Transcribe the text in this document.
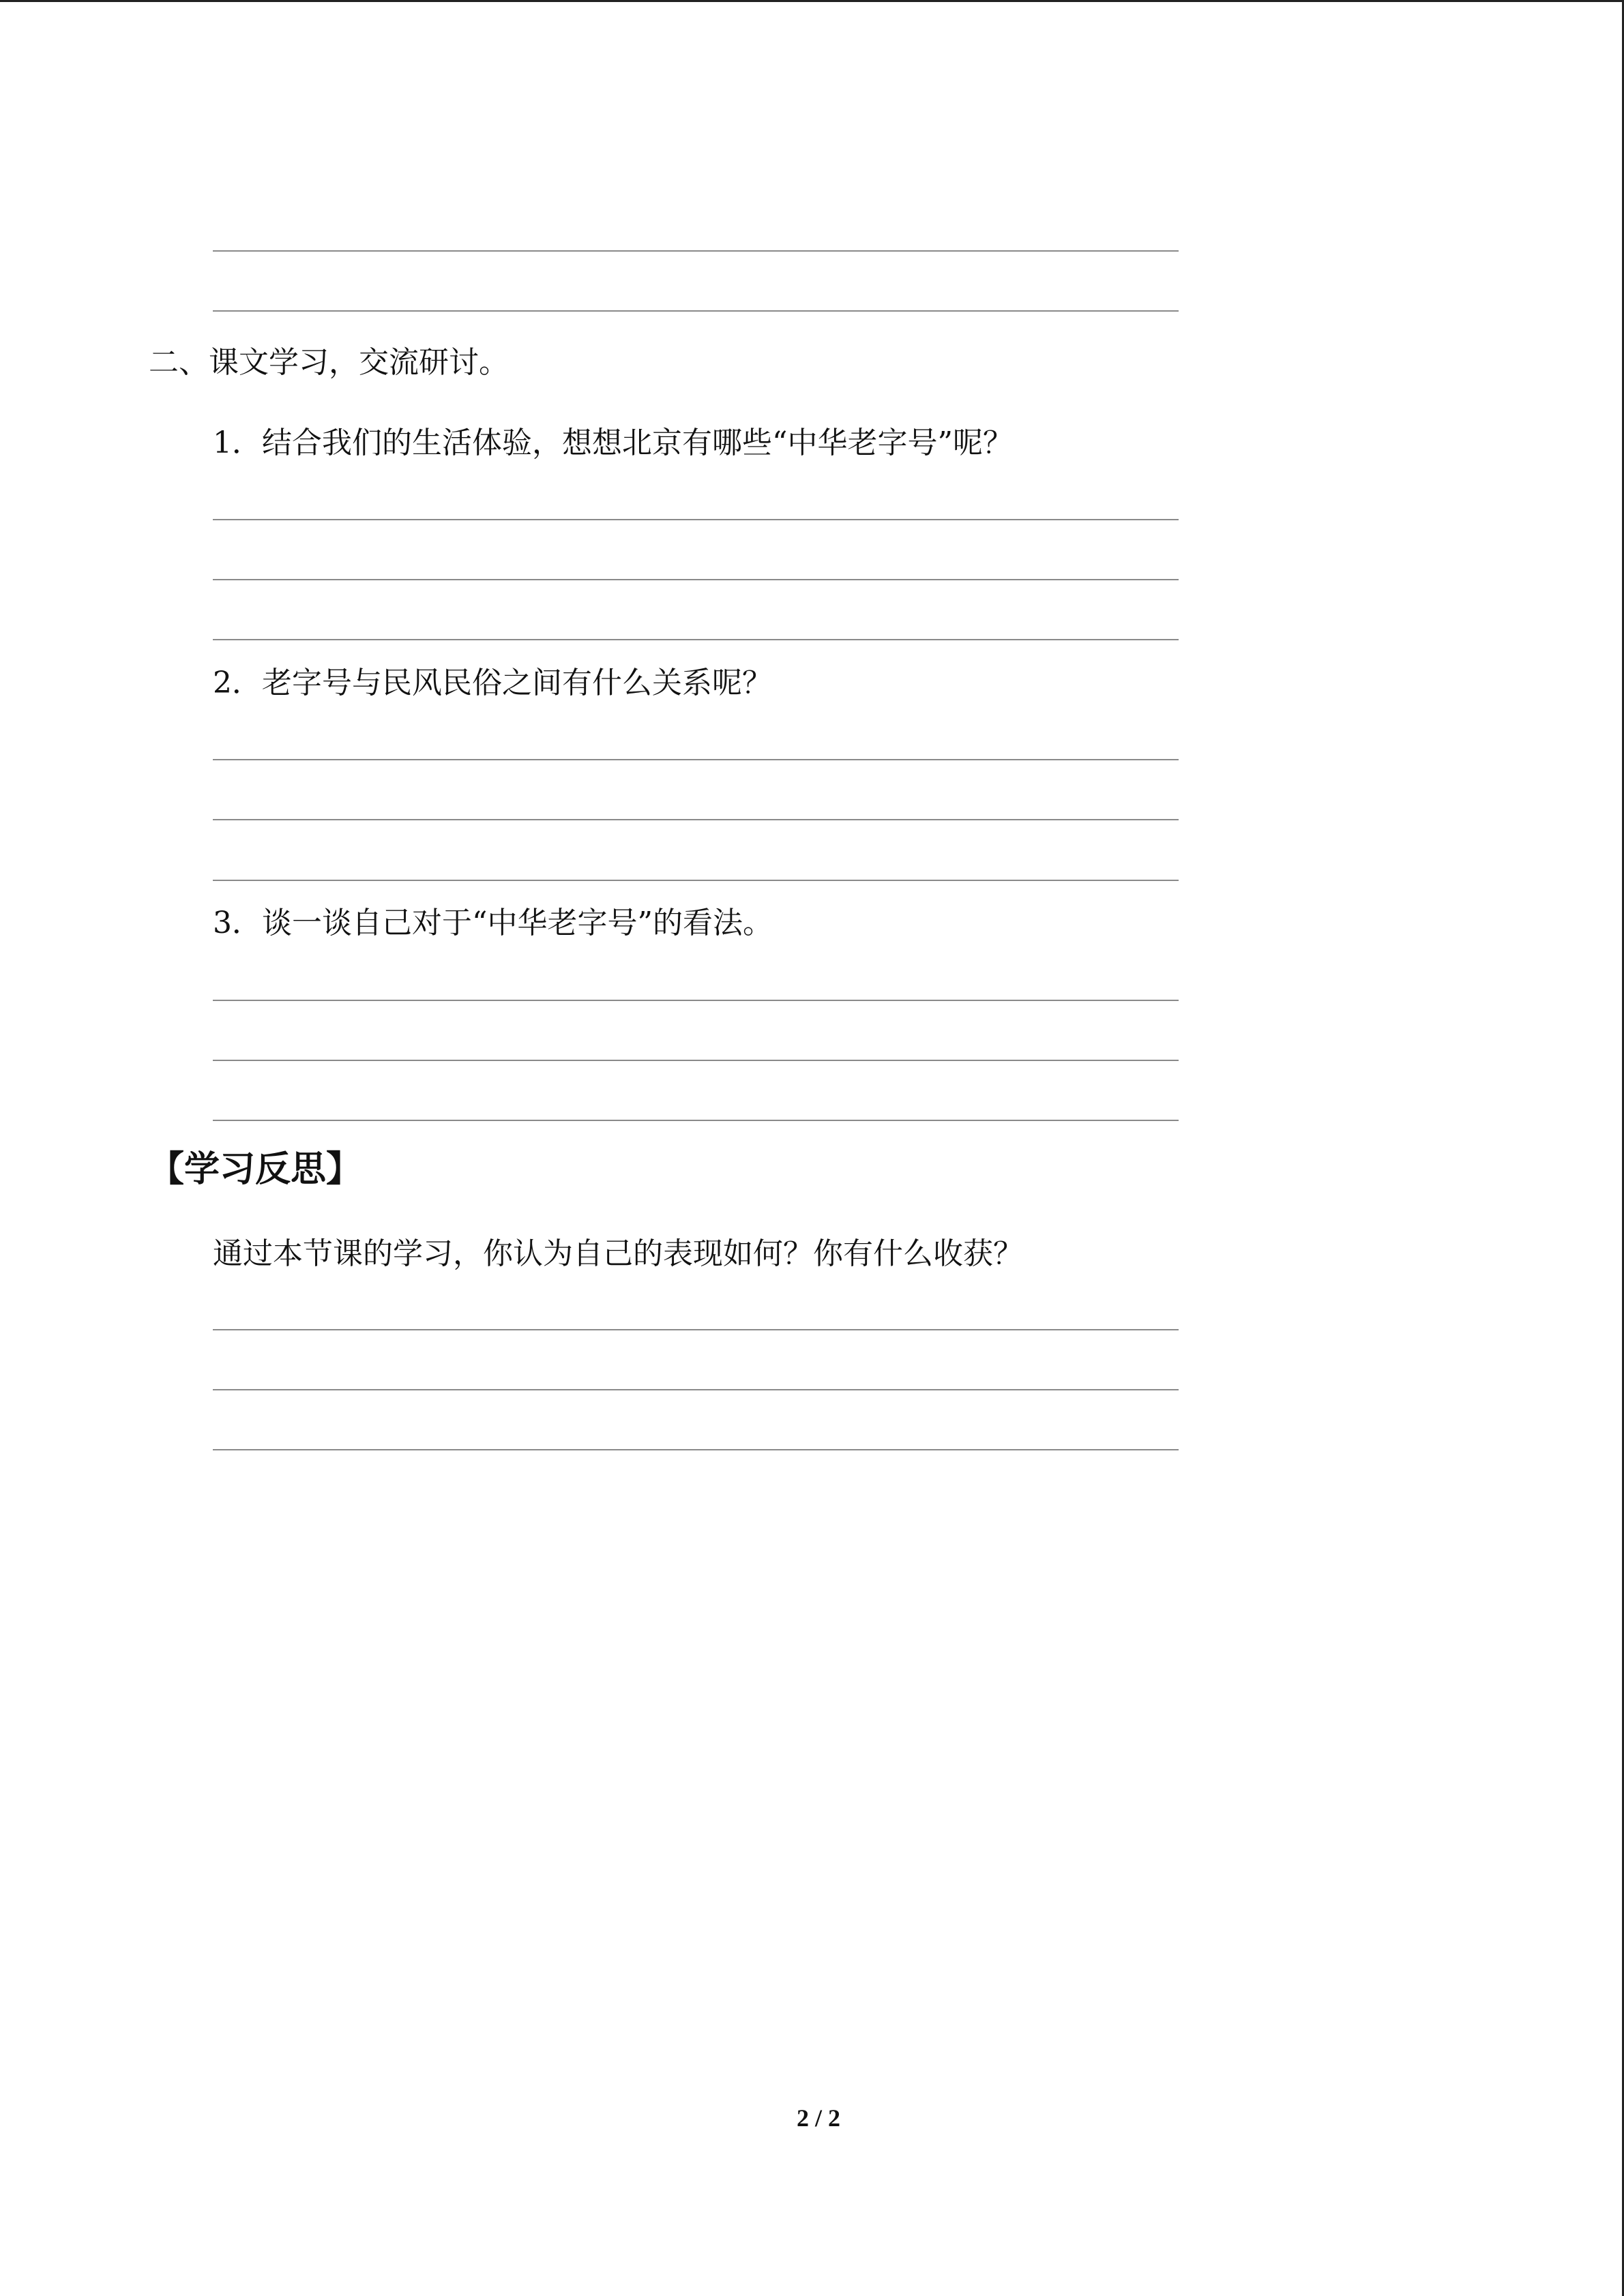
二、课文学习，交流研讨。
1．结合我们的生活体验，想想北京有哪些“中华老字号”呢？
2．老字号与民风民俗之间有什么关系呢？
3．谈一谈自己对于“中华老字号”的看法。
【学习反思】
通过本节课的学习，你认为自己的表现如何？你有什么收获？
2 / 2
